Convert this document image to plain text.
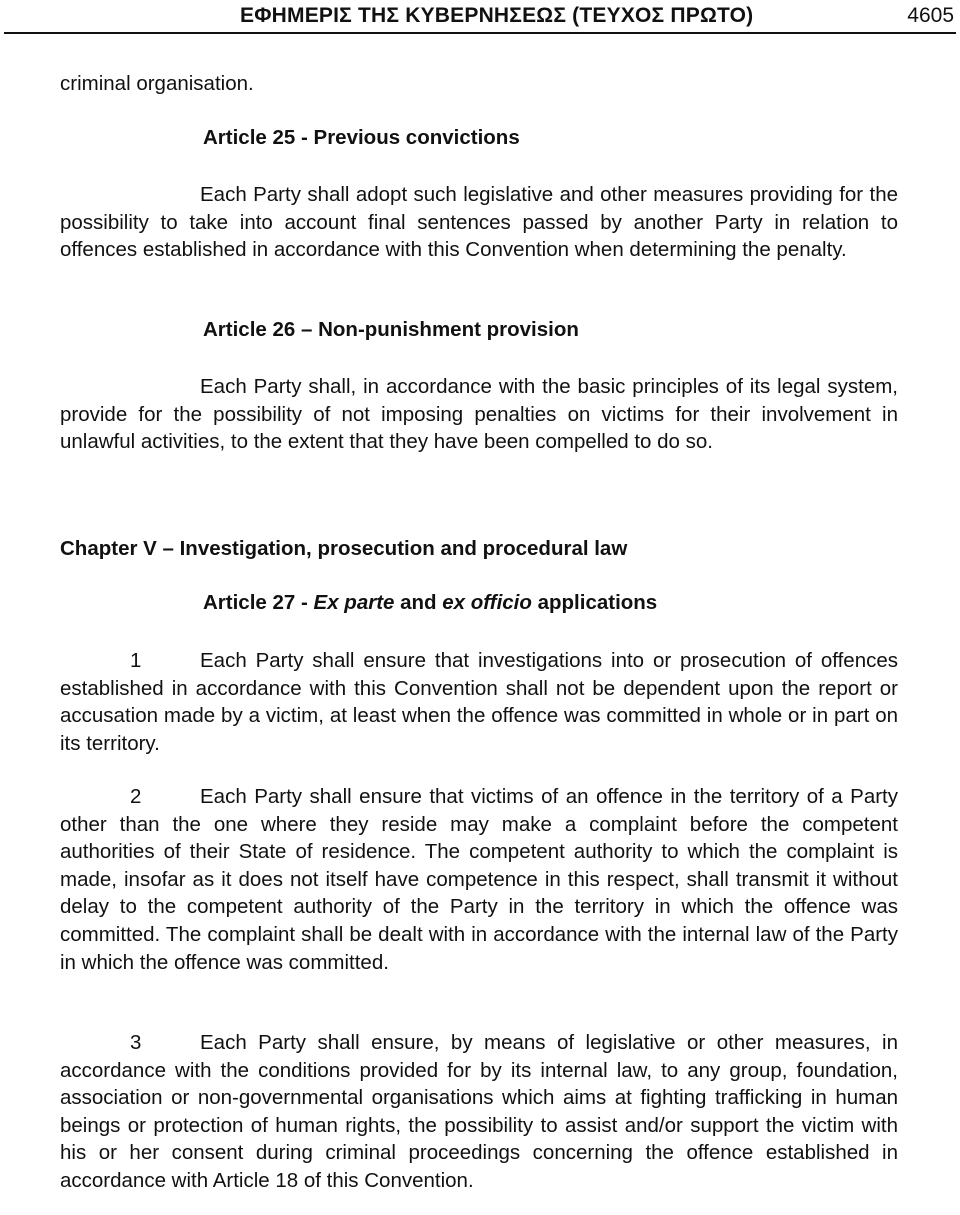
ΕΦΗΜΕΡΙΣ ΤΗΣ ΚΥΒΕΡΝΗΣΕΩΣ (ΤΕΥΧΟΣ ΠΡΩΤΟ)	4605
criminal organisation.
Article 25 - Previous convictions
Each Party shall adopt such legislative and other measures providing for the possibility to take into account final sentences passed by another Party in relation to offences established in accordance with this Convention when determining the penalty.
Article 26 – Non-punishment provision
Each Party shall, in accordance with the basic principles of its legal system, provide for the possibility of not imposing penalties on victims for their involvement in unlawful activities, to the extent that they have been compelled to do so.
Chapter V – Investigation, prosecution and procedural law
Article 27 - Ex parte and ex officio applications
1	Each Party shall ensure that investigations into or prosecution of offences established in accordance with this Convention shall not be dependent upon the report or accusation made by a victim, at least when the offence was committed in whole or in part on its territory.
2	Each Party shall ensure that victims of an offence in the territory of a Party other than the one where they reside may make a complaint before the competent authorities of their State of residence. The competent authority to which the complaint is made, insofar as it does not itself have competence in this respect, shall transmit it without delay to the competent authority of the Party in the territory in which the offence was committed. The complaint shall be dealt with in accordance with the internal law of the Party in which the offence was committed.
3	Each Party shall ensure, by means of legislative or other measures, in accordance with the conditions provided for by its internal law, to any group, foundation, association or non-governmental organisations which aims at fighting trafficking in human beings or protection of human rights, the possibility to assist and/or support the victim with his or her consent during criminal proceedings concerning the offence established in accordance with Article 18 of this Convention.
